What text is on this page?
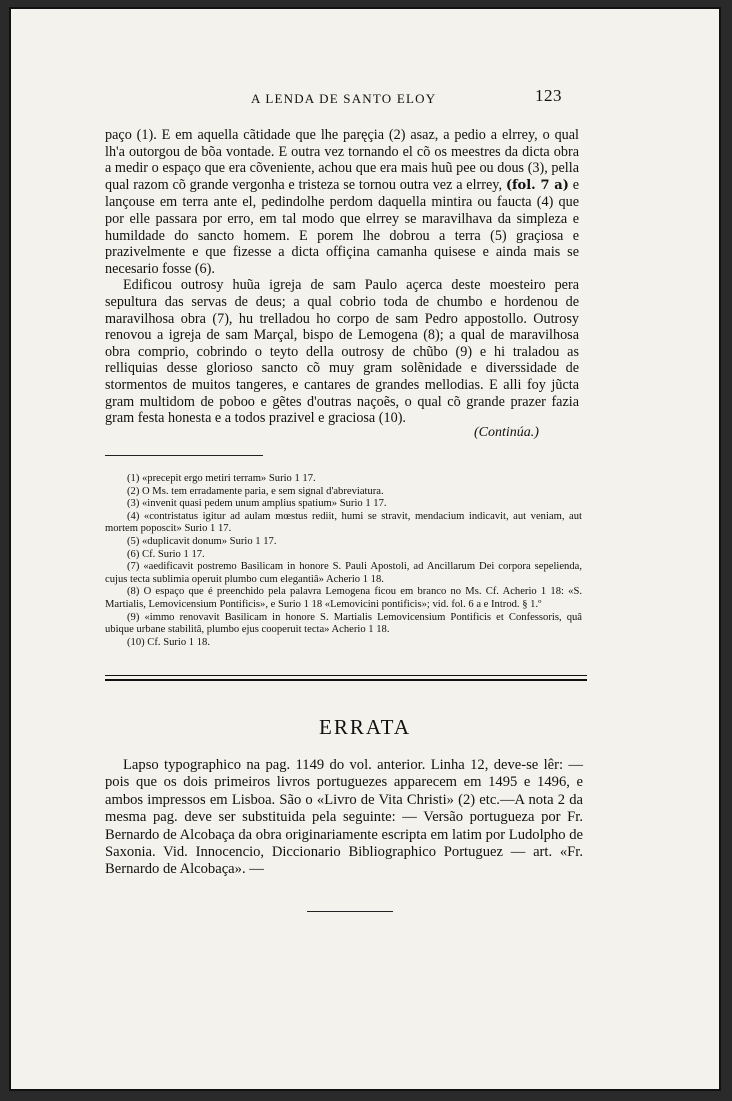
A LENDA DE SANTO ELOY	123

paço (1). E em aquella cãtidade que lhe paręçia (2) asaz, a pedio a elrrey, o qual lh'a outorgou de bõa vontade. E outra vez tornando el cõ os meestres da dicta obra a medir o espaço que era cõveniente, achou que era mais huũ pee ou dous (3), pella qual razom cõ grande vergonha e tristeza se tornou outra vez a elrrey, (fol. 7 a) e lançouse em terra ante el, pedindolhe perdom daquella mintira ou faucta (4) que por elle passara por erro, em tal modo que elrrey se maravilhava da simpleza e humildade do sancto homem. E porem lhe dobrou a terra (5) graçiosa e prazivelmente e que fizesse a dicta offiçina camanha quisese e ainda mais se necesario fosse (6).

Edificou outrosy huũa igreja de sam Paulo açerca deste moesteiro pera sepultura das servas de deus; a qual cobrio toda de chumbo e hordenou de maravilhosa obra (7), hu trelladou ho corpo de sam Pedro appostollo. Outrosy renovou a igreja de sam Marçal, bispo de Lemogena (8); a qual de maravilhosa obra comprio, cobrindo o teyto della outrosy de chũbo (9) e hi traladou as relliquias desse glorioso sancto cõ muy gram solẽnidade e diverssidade de stormentos de muitos tangeres, e cantares de grandes mellodias. E alli foy jũcta gram multidom de poboo e gẽtes d'outras naçoẽs, o qual cõ grande prazer fazia gram festa honesta e a todos prazivel e graciosa (10).

(Continúa.)
(1) «precepit ergo metiri terram» Surio 1 17.
(2) O Ms. tem erradamente paria, e sem signal d'abreviatura.
(3) «invenit quasi pedem unum amplius spatium» Surio 1 17.
(4) «contristatus igitur ad aulam mœstus rediit, humi se stravit, mendacium indicavit, aut veniam, aut mortem poposcit» Surio 1 17.
(5) «duplicavit donum» Surio 1 17.
(6) Cf. Surio 1 17.
(7) «aedificavit postremo Basilicam in honore S. Pauli Apostoli, ad Ancillarum Dei corpora sepeliendа, cujus tecta sublimia operuit plumbo cum elegantiâ» Acherio 1 18.
(8) O espaço que é preenchido pela palavra Lemogena ficou em branco no Ms. Cf. Acherio 1 18: «S. Martialis, Lemovicensium Pontificis», e Surio 1 18 «Lemovicini pontificis»; vid. fol. 6 a e Introd. § 1.º
(9) «immo renovavit Basilicam in honore S. Martialis Lemovicensium Pontificis et Confessoris, quâ ubique urbane stabilitâ, plumbo ejus cooperuit tecta» Acherio 1 18.
(10) Cf. Surio 1 18.
ERRATA

Lapso typographico na pag. 1149 do vol. anterior. Linha 12, deve-se lêr: —pois que os dois primeiros livros portuguezes apparecem em 1495 e 1496, e ambos impressos em Lisboa. São o «Livro de Vita Christi» (2) etc.—A nota 2 da mesma pag. deve ser substituida pela seguinte: — Versão portugueza por Fr. Bernardo de Alcobaça da obra originariamente escripta em latim por Ludolpho de Saxonia. Vid. Innocencio, Diccionario Bibliographico Portuguez — art. «Fr. Bernardo de Alcobaça». —
